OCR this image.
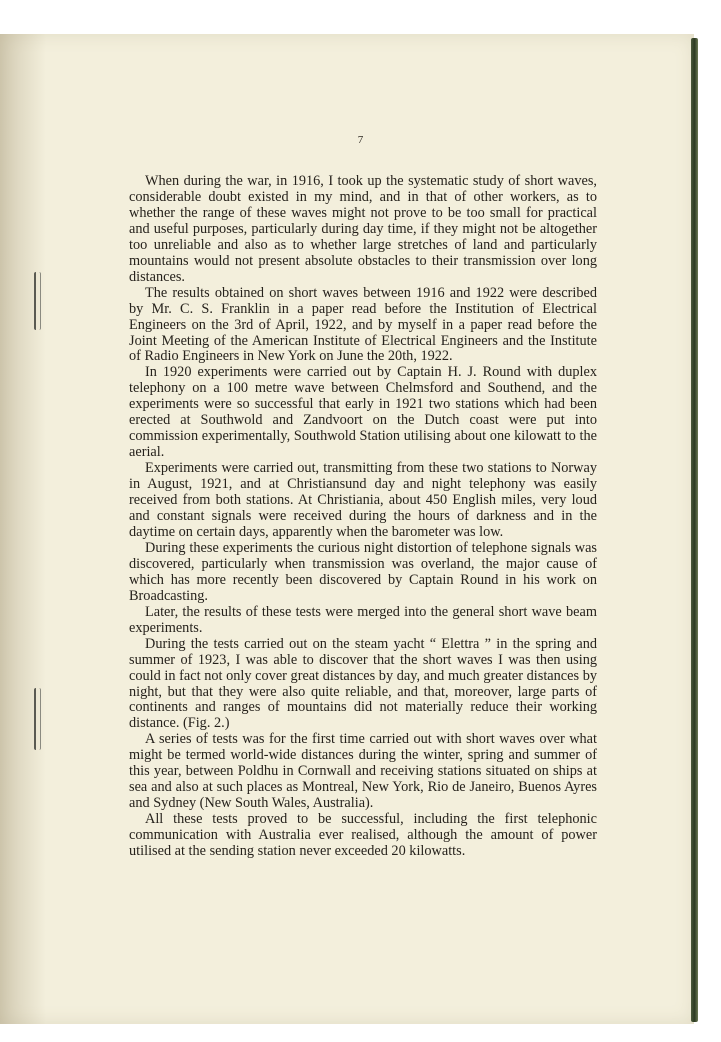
7

When during the war, in 1916, I took up the systematic study of short waves, considerable doubt existed in my mind, and in that of other workers, as to whether the range of these waves might not prove to be too small for practical and useful purposes, particularly during day time, if they might not be altogether too unreliable and also as to whether large stretches of land and particularly mountains would not present absolute obstacles to their transmission over long distances.

The results obtained on short waves between 1916 and 1922 were described by Mr. C. S. Franklin in a paper read before the Institution of Electrical Engineers on the 3rd of April, 1922, and by myself in a paper read before the Joint Meeting of the American Institute of Electrical Engineers and the Institute of Radio Engineers in New York on June the 20th, 1922.

In 1920 experiments were carried out by Captain H. J. Round with duplex telephony on a 100 metre wave between Chelmsford and Southend, and the experiments were so successful that early in 1921 two stations which had been erected at Southwold and Zandvoort on the Dutch coast were put into commission experimentally, Southwold Station utilising about one kilowatt to the aerial.

Experiments were carried out, transmitting from these two stations to Norway in August, 1921, and at Christiansund day and night telephony was easily received from both stations. At Christiania, about 450 English miles, very loud and constant signals were received during the hours of darkness and in the daytime on certain days, apparently when the barometer was low.

During these experiments the curious night distortion of telephone signals was discovered, particularly when transmission was overland, the major cause of which has more recently been discovered by Captain Round in his work on Broadcasting.

Later, the results of these tests were merged into the general short wave beam experiments.

During the tests carried out on the steam yacht “ Elettra ” in the spring and summer of 1923, I was able to discover that the short waves I was then using could in fact not only cover great distances by day, and much greater distances by night, but that they were also quite reliable, and that, moreover, large parts of continents and ranges of mountains did not materially reduce their working distance. (Fig. 2.)

A series of tests was for the first time carried out with short waves over what might be termed world-wide distances during the winter, spring and summer of this year, between Poldhu in Cornwall and receiving stations situated on ships at sea and also at such places as Montreal, New York, Rio de Janeiro, Buenos Ayres and Sydney (New South Wales, Australia).

All these tests proved to be successful, including the first telephonic communication with Australia ever realised, although the amount of power utilised at the sending station never exceeded 20 kilowatts.
